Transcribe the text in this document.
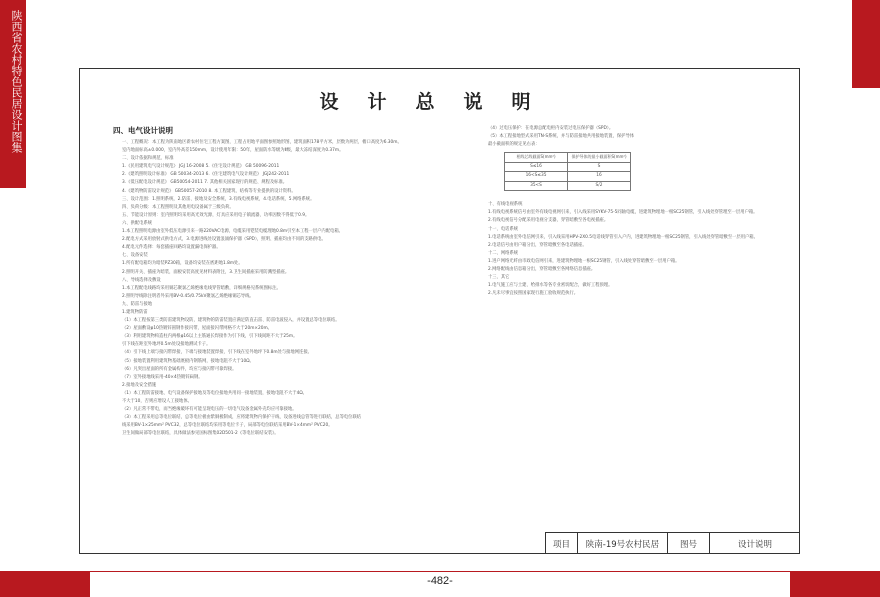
陕西省农村特色民居设计图集	设计总说明
四、电气设计说明

一、工程概况：本工程为陕南地区新农村住宅工程方案图，工程占用地平面图参照地形图，建筑面积178平方米，层数为两层，檐口高度为6.30m。

室内地面标高±0.000，室内外高差150mm，设计使用年限：50年，屋面防水等级为Ⅱ级，最大冻结深度为0.37m。

二、设计依据和规范、标准

1.《民用建筑电气设计规范》 JGJ 16-2008 5.《住宅设计规范》 GB 50096-2011

2.《建筑照明设计标准》 GB 50034-2013 6.《住宅建筑电气设计规范》 JGJ242-2011

3.《低压配电设计规范》 GB50054-2011 7. 其他相关国家现行的规范、规程及标准。

4.《建筑物防雷设计规范》 GB50057-2010 8. 本工程建筑、结构等专业提供的设计资料。

三、设计范围：1.照明系统，2.防雷、接地及安全系统，3.有线电视系统，4.电话系统，5.网络系统。

四、负荷分级：本工程照明及其他用电设备属于三级负荷。

五、节能设计原则：室内照明均采用高光效光源，灯具应采用电子镇流器，功率因数不得低于0.9。

六、供配电系统

1.本工程照明电源由室外低压电源引来一路220VAC电源，电缆采用铠装电缆埋地0.8m引至本工程一层户内配电箱。

2.配电方式采用放射式供电方式，3.电源进线处设置浪涌保护器（SPD），照明、插座均由不同的支路供电。

4.配电元件选择：每套插座回路均设置漏电保护器。

七、设备安装

1.所有配电箱均为暗装PZ30箱，设备均安装在底距地1.8m处。

2.照明开关、插座为暗装，面板安装高度见材料表附注，3.卫生间插座采用防溅型插座。

八、导线选择及敷设

1.本工程配电线路均采用铜芯聚氯乙烯绝缘电线穿管暗敷，详细规格见系统图标注。

2.照明导线除注明者外采用BV-0.45/0.75kV聚氯乙烯绝缘铜芯导线。

九、防雷与接地

1.建筑物防雷

（1）本工程按第三类防雷建筑物设防，建筑物的防雷装置应满足防直击雷、防雷电波侵入，并设置总等电位联结。

（2）屋面敷设φ10热镀锌圆钢作接闪带，屋面接闪带网格不大于20m×20m。

（3）利用建筑物构造柱内两根φ16以上主筋通长焊接作为引下线，引下线间距不大于25m。

引下线在距室外地坪0.5m处设接地测试卡子。

（4）引下线上端与接闪带焊接，下端与接地装置焊接，引下线在室外地坪下0.8m处与接地网连接。

（5）接地装置利用建筑物基础底板内钢筋网，接地电阻不大于10Ω。

（6）凡突出屋面的所有金属构件，均应与接闪带可靠焊接。

（7）室外接地线采用-40×4热镀锌扁钢。

2.接地及安全措施

（1）本工程防雷接地、电气设备保护接地及等电位接地共用同一接地装置，接地电阻不大于4Ω。

不大于10，否则应增设人工接地体。

（2）凡正常不带电，而当绝缘破坏有可能呈现电压的一切电气设备金属外壳均应可靠接地。

（3）本工程采用总等电位联结，总等电位板由紫铜板制成，应将建筑物内保护干线、设备进线总管等进行联结，总等电位联结

线采用BV-1×25mm² PVC32，总等电位联结均采用等电位卡子，局部等电位联结采用BV-1×4mm² PVC20。

卫生间做局部等电位联结，具体做法参见国标图集02D501-2《等电位联结安装》。

（4）过电压保护：在电源总配电柜内安装过电压保护器（SPD）。

（5）本工程接地型式采用TN-S系统，并与防雷接地共用接地装置，保护导体

最小截面积的规定见右表：

相线芯线截面S(mm²)	保护导体的最小截面积S(mm²)
S≤16	S
16<S≤35	16
35<S	S/2

十、有线电视系统

1.有线电视系统信号由室外有线电视网引来，引入线采用SYKV-75-5同轴电缆，进建筑物埋地一根SC25钢管，引入线处穿管埋至一层用户箱。

2.有线电视信号分配采用电视分支器，穿管暗敷至各电视插座。

十一、电话系统

1.电话系统由室外电信网引来，引入线采用HPV-2X0.5电话线穿管引入户内，进建筑物埋地一根SC25钢管，引入线处穿管暗敷至一层用户箱。

2.电话信号由用户箱分出，穿管暗敷至各电话插座。

十二、网络系统

1.进户网络光纤由市政电信网引来，进建筑物埋地一根SC25钢管，引入线处穿管暗敷至一层用户箱。

2.网络配线由信息箱分出，穿管暗敷至各网络信息插座。

十三、其它

1.电气施工应与土建、给排水等各专业密切配合，做好工程预埋。

2.凡未尽事宜按照国家现行施工验收规范执行。

项目	陕南-19号农村民居	图号	设计说明
-482-
